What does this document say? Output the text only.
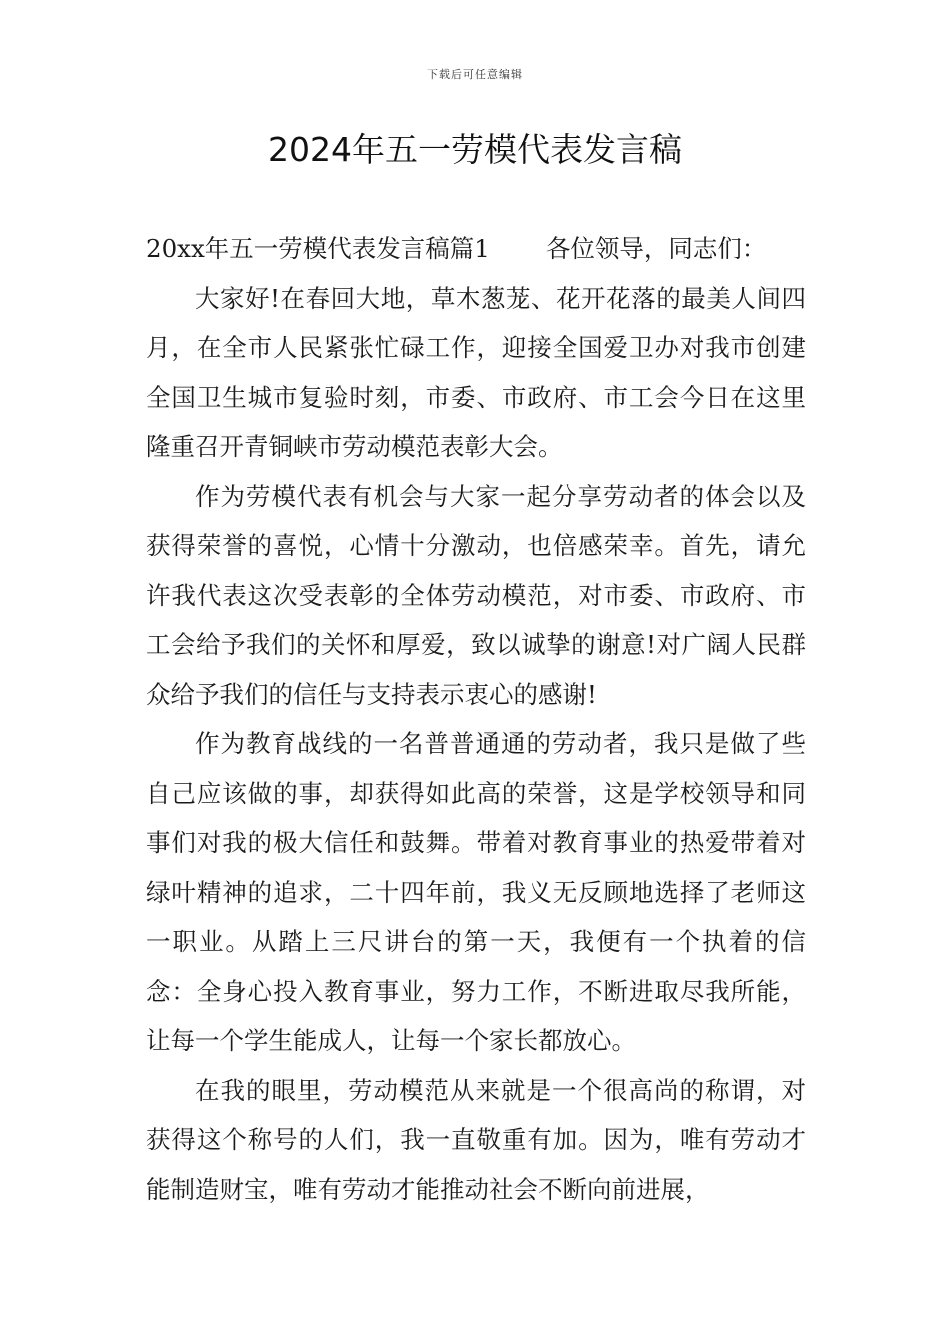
下载后可任意编辑
2024年五一劳模代表发言稿

20xx年五一劳模代表发言稿篇1 各位领导，同志们：

大家好!在春回大地，草木葱茏、花开花落的最美人间四月，在全市人民紧张忙碌工作，迎接全国爱卫办对我市创建全国卫生城市复验时刻，市委、市政府、市工会今日在这里隆重召开青铜峡市劳动模范表彰大会。

作为劳模代表有机会与大家一起分享劳动者的体会以及获得荣誉的喜悦，心情十分激动，也倍感荣幸。首先，请允许我代表这次受表彰的全体劳动模范，对市委、市政府、市工会给予我们的关怀和厚爱，致以诚挚的谢意!对广阔人民群众给予我们的信任与支持表示衷心的感谢!

作为教育战线的一名普普通通的劳动者，我只是做了些自己应该做的事，却获得如此高的荣誉，这是学校领导和同事们对我的极大信任和鼓舞。带着对教育事业的热爱带着对绿叶精神的追求，二十四年前，我义无反顾地选择了老师这一职业。从踏上三尺讲台的第一天，我便有一个执着的信念：全身心投入教育事业，努力工作，不断进取尽我所能，让每一个学生能成人，让每一个家长都放心。

在我的眼里，劳动模范从来就是一个很高尚的称谓，对获得这个称号的人们，我一直敬重有加。因为，唯有劳动才能制造财宝，唯有劳动才能推动社会不断向前进展，
